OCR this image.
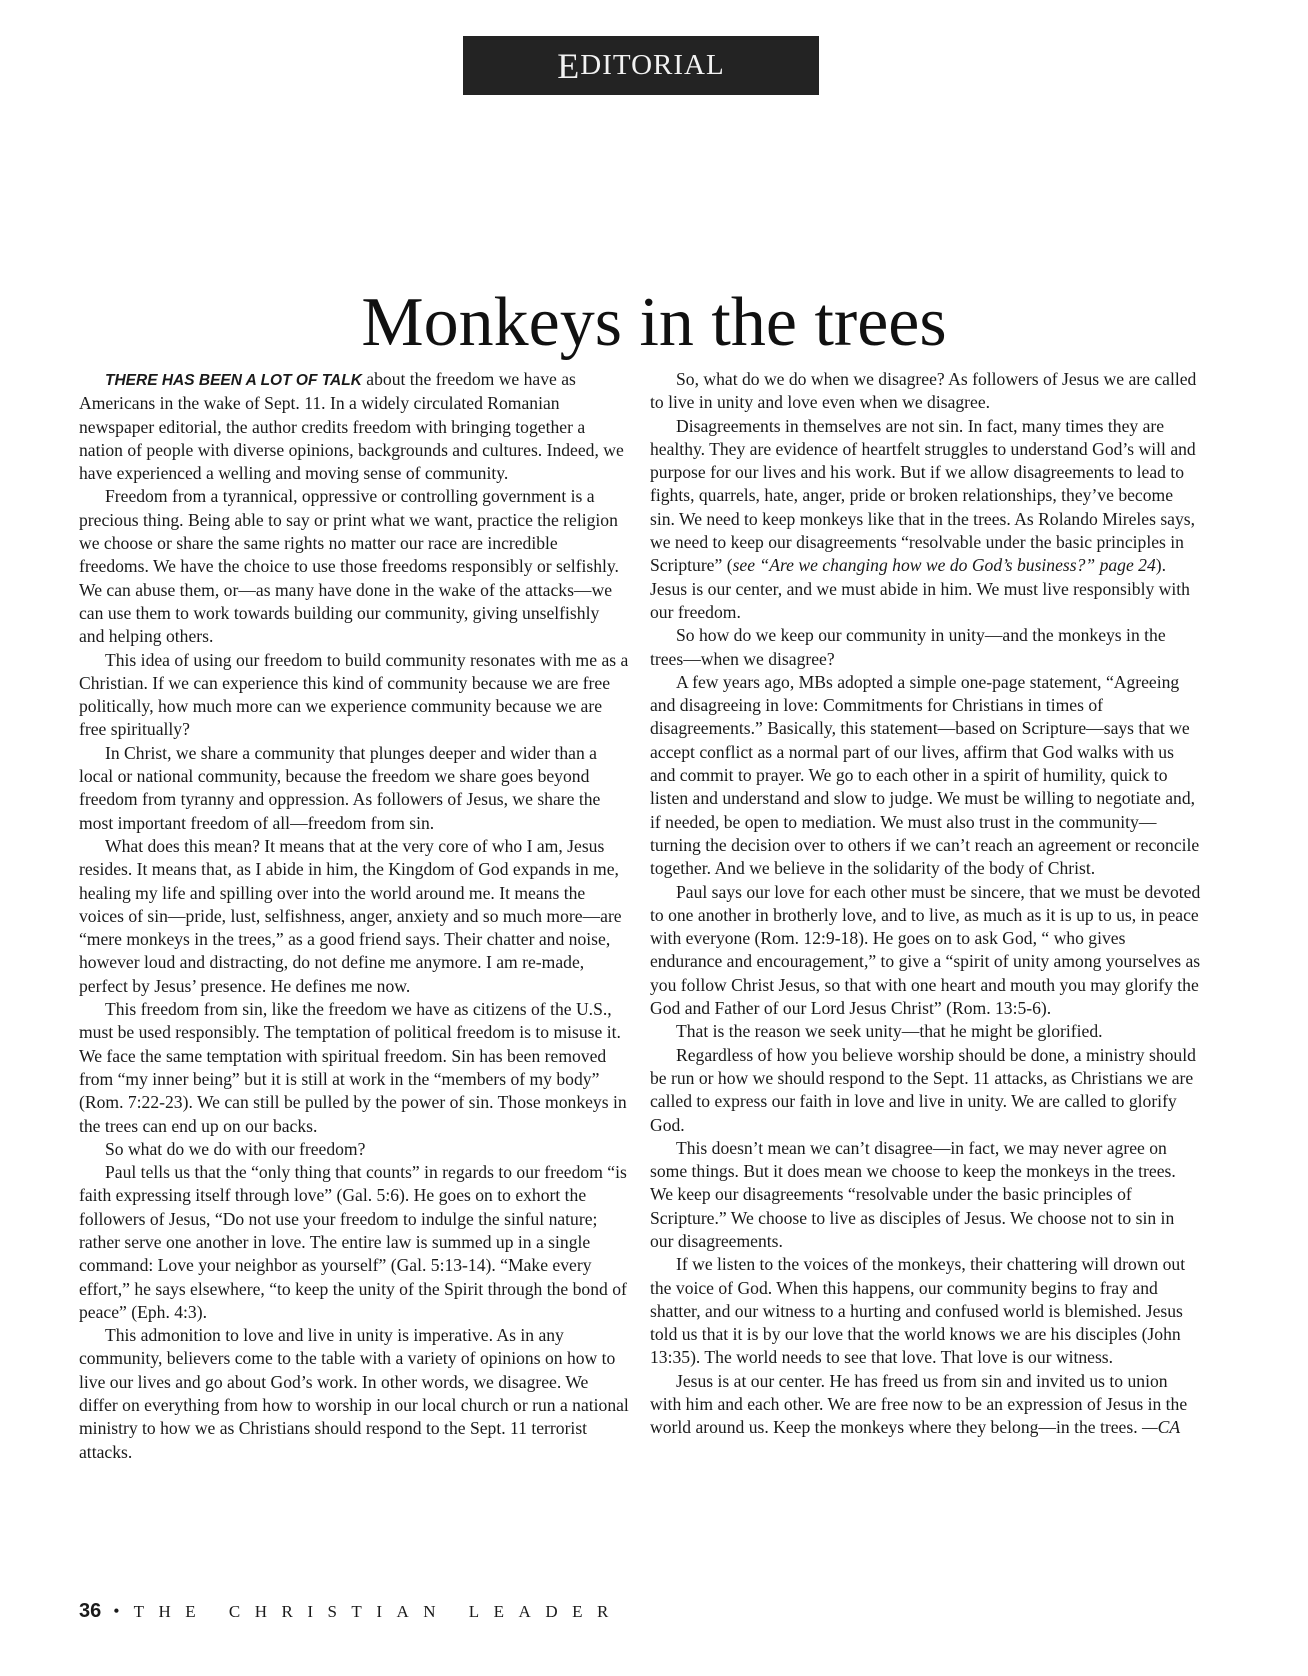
E DITORIAL
Monkeys in the trees

THERE HAS BEEN A LOT OF TALK about the freedom we have as Americans in the wake of Sept. 11. In a widely circulated Romanian newspaper editorial, the author credits freedom with bringing together a nation of people with diverse opinions, backgrounds and cultures. Indeed, we have experienced a welling and moving sense of community.

Freedom from a tyrannical, oppressive or controlling government is a precious thing. Being able to say or print what we want, practice the religion we choose or share the same rights no matter our race are incredible freedoms. We have the choice to use those freedoms responsibly or selfishly. We can abuse them, or—as many have done in the wake of the attacks—we can use them to work towards building our community, giving unselfishly and helping others.

This idea of using our freedom to build community resonates with me as a Christian. If we can experience this kind of community because we are free politically, how much more can we experience community because we are free spiritually?

In Christ, we share a community that plunges deeper and wider than a local or national community, because the freedom we share goes beyond freedom from tyranny and oppression. As followers of Jesus, we share the most important freedom of all—freedom from sin.

What does this mean? It means that at the very core of who I am, Jesus resides. It means that, as I abide in him, the Kingdom of God expands in me, healing my life and spilling over into the world around me. It means the voices of sin—pride, lust, selfishness, anger, anxiety and so much more—are “mere monkeys in the trees,” as a good friend says. Their chatter and noise, however loud and distracting, do not define me anymore. I am re-made, perfect by Jesus’ presence. He defines me now.

This freedom from sin, like the freedom we have as citizens of the U.S., must be used responsibly. The temptation of political freedom is to misuse it. We face the same temptation with spiritual freedom. Sin has been removed from “my inner being” but it is still at work in the “members of my body” (Rom. 7:22-23). We can still be pulled by the power of sin. Those monkeys in the trees can end up on our backs.

So what do we do with our freedom?

Paul tells us that the “only thing that counts” in regards to our freedom “is faith expressing itself through love” (Gal. 5:6). He goes on to exhort the followers of Jesus, “Do not use your freedom to indulge the sinful nature; rather serve one another in love. The entire law is summed up in a single command: Love your neighbor as yourself” (Gal. 5:13-14). “Make every effort,” he says elsewhere, “to keep the unity of the Spirit through the bond of peace” (Eph. 4:3).

This admonition to love and live in unity is imperative. As in any community, believers come to the table with a variety of opinions on how to live our lives and go about God’s work. In other words, we disagree. We differ on everything from how to worship in our local church or run a national ministry to how we as Christians should respond to the Sept. 11 terrorist attacks.

So, what do we do when we disagree? As followers of Jesus we are called to live in unity and love even when we disagree.

Disagreements in themselves are not sin. In fact, many times they are healthy. They are evidence of heartfelt struggles to understand God’s will and purpose for our lives and his work. But if we allow disagreements to lead to fights, quarrels, hate, anger, pride or broken relationships, they’ve become sin. We need to keep monkeys like that in the trees. As Rolando Mireles says, we need to keep our disagreements “resolvable under the basic principles in Scripture” (see “Are we changing how we do God’s business?” page 24). Jesus is our center, and we must abide in him. We must live responsibly with our freedom.

So how do we keep our community in unity—and the monkeys in the trees—when we disagree?

A few years ago, MBs adopted a simple one-page statement, “Agreeing and disagreeing in love: Commitments for Christians in times of disagreements.” Basically, this statement—based on Scripture—says that we accept conflict as a normal part of our lives, affirm that God walks with us and commit to prayer. We go to each other in a spirit of humility, quick to listen and understand and slow to judge. We must be willing to negotiate and, if needed, be open to mediation. We must also trust in the community—turning the decision over to others if we can’t reach an agreement or reconcile together. And we believe in the solidarity of the body of Christ.

Paul says our love for each other must be sincere, that we must be devoted to one another in brotherly love, and to live, as much as it is up to us, in peace with everyone (Rom. 12:9-18). He goes on to ask God, “ who gives endurance and encouragement,” to give a “spirit of unity among yourselves as you follow Christ Jesus, so that with one heart and mouth you may glorify the God and Father of our Lord Jesus Christ” (Rom. 13:5-6).

That is the reason we seek unity—that he might be glorified.

Regardless of how you believe worship should be done, a ministry should be run or how we should respond to the Sept. 11 attacks, as Christians we are called to express our faith in love and live in unity. We are called to glorify God.

This doesn’t mean we can’t disagree—in fact, we may never agree on some things. But it does mean we choose to keep the monkeys in the trees. We keep our disagreements “resolvable under the basic principles of Scripture.” We choose to live as disciples of Jesus. We choose not to sin in our disagreements.

If we listen to the voices of the monkeys, their chattering will drown out the voice of God. When this happens, our community begins to fray and shatter, and our witness to a hurting and confused world is blemished. Jesus told us that it is by our love that the world knows we are his disciples (John 13:35). The world needs to see that love. That love is our witness.

Jesus is at our center. He has freed us from sin and invited us to union with him and each other. We are free now to be an expression of Jesus in the world around us. Keep the monkeys where they belong—in the trees. —CA

36 • THE CHRISTIAN LEADER
